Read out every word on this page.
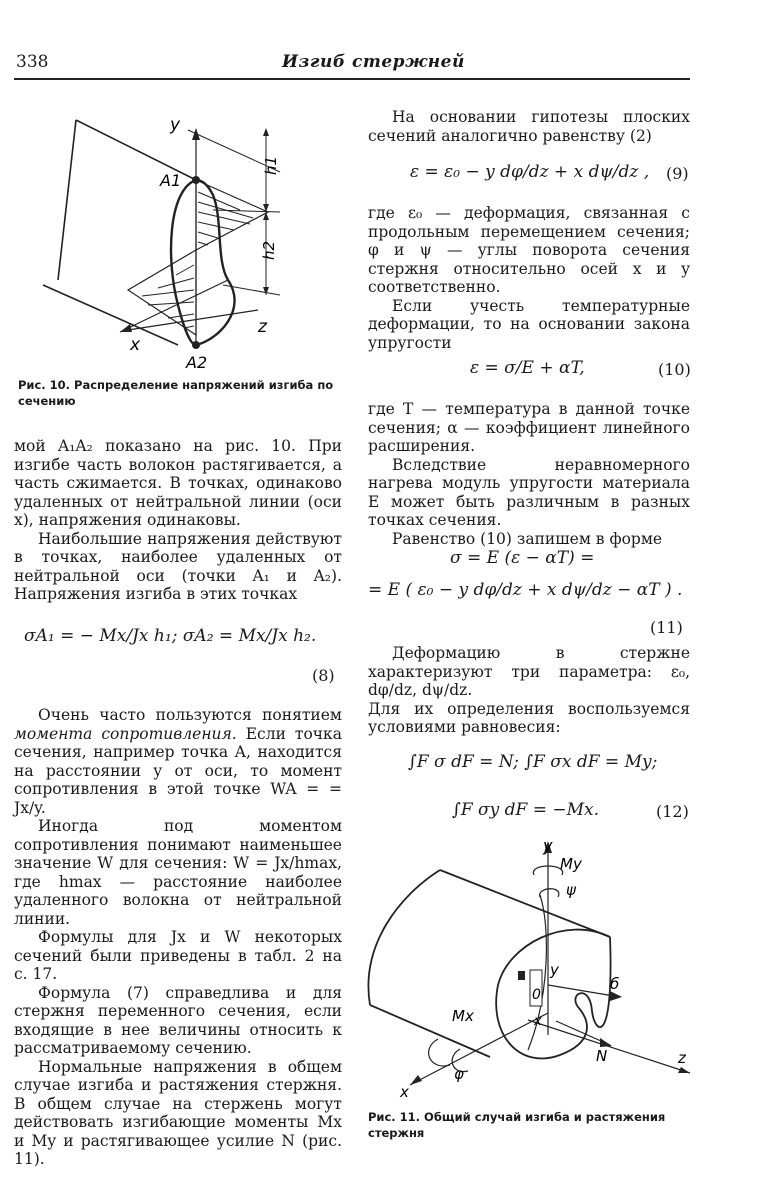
338	Изгиб стержней
y
z
x
A1
A2
h1
h2
Рис. 10. Распределение напряжений изгиба по сечению

мой A₁A₂ показано на рис. 10. При изгибе часть волокон растягивается, а часть сжимается. В точках, одинаково удаленных от нейтральной линии (оси x), напряжения одинаковы.

Наибольшие напряжения действуют в точках, наиболее удаленных от нейтральной оси (точки A₁ и A₂). Напряжения изгиба в этих точках

σA₁ = − Mx/Jx h₁; σA₂ = Mx/Jx h₂.
(8)

Очень часто пользуются понятием момента сопротивления. Если точка сечения, например точка A, находится на расстоянии y от оси, то момент сопротивления в этой точке WA = = Jx/y.

Иногда под моментом сопротивления понимают наименьшее значение W для сечения: W = Jx/hmax, где hmax — расстояние наиболее удаленного волокна от нейтральной линии.

Формулы для Jx и W некоторых сечений были приведены в табл. 2 на с. 17.

Формула (7) справедлива и для стержня переменного сечения, если входящие в нее величины относить к рассматриваемому сечению.

Нормальные напряжения в общем случае изгиба и растяжения стержня. В общем случае на стержень могут действовать изгибающие моменты Mx и My и растягивающее усилие N (рис. 11).

На основании гипотезы плоских сечений аналогично равенству (2)

ε = ε₀ − y dφ/dz + x dψ/dz , (9)

где ε₀ — деформация, связанная с продольным перемещением сечения; φ и ψ — углы поворота сечения стержня относительно осей x и y соответственно.

Если учесть температурные деформации, то на основании закона упругости

ε = σ/E + αT,	(10)

где T — температура в данной точке сечения; α — коэффициент линейного расширения.

Вследствие неравномерного нагрева модуль упругости материала E может быть различным в разных точках сечения.

Равенство (10) запишем в форме

σ = E (ε − αT) =
= E ( ε₀ − y dφ/dz + x dψ/dz − αT ) .
(11)

Деформацию в стержне характеризуют три параметра: ε₀, dφ/dz, dψ/dz.

Для их определения воспользуемся условиями равновесия:

∫F σ dF = N; ∫F σx dF = My;
∫F σy dF = −Mx.	(12)
y
My
ψ
y
0
б
N	z
Mx	x
x
φ
Рис. 11. Общий случай изгиба и растяжения стержня
